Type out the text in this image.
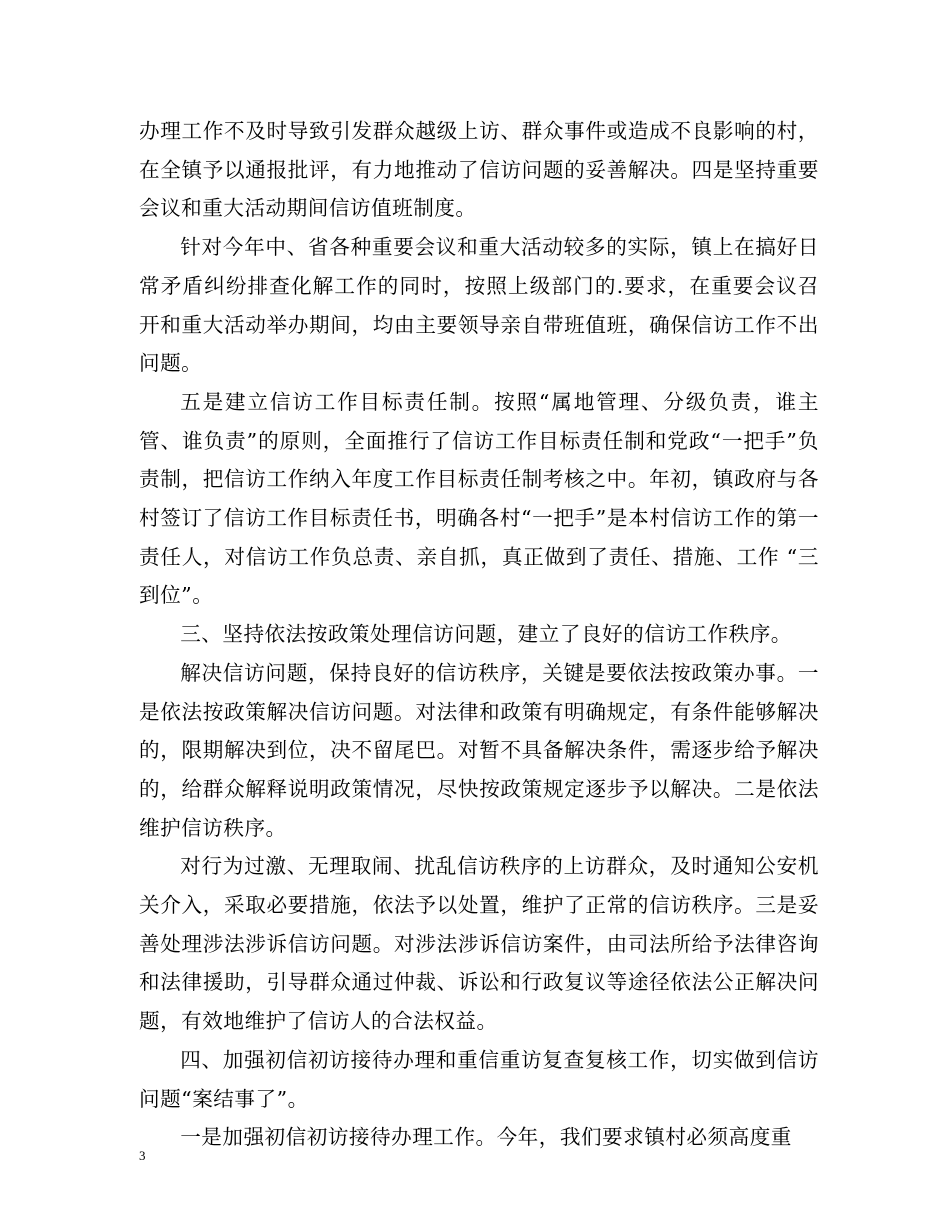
办理工作不及时导致引发群众越级上访、群众事件或造成不良影响的村，在全镇予以通报批评，有力地推动了信访问题的妥善解决。四是坚持重要会议和重大活动期间信访值班制度。

针对今年中、省各种重要会议和重大活动较多的实际，镇上在搞好日常矛盾纠纷排查化解工作的同时，按照上级部门的.要求，在重要会议召开和重大活动举办期间，均由主要领导亲自带班值班，确保信访工作不出问题。

五是建立信访工作目标责任制。按照“属地管理、分级负责，谁主管、谁负责”的原则，全面推行了信访工作目标责任制和党政“一把手”负责制，把信访工作纳入年度工作目标责任制考核之中。年初，镇政府与各村签订了信访工作目标责任书，明确各村“一把手”是本村信访工作的第一责任人，对信访工作负总责、亲自抓，真正做到了责任、措施、工作 “三到位”。

三、坚持依法按政策处理信访问题，建立了良好的信访工作秩序。

解决信访问题，保持良好的信访秩序，关键是要依法按政策办事。一是依法按政策解决信访问题。对法律和政策有明确规定，有条件能够解决的，限期解决到位，决不留尾巴。对暂不具备解决条件，需逐步给予解决的，给群众解释说明政策情况，尽快按政策规定逐步予以解决。二是依法维护信访秩序。

对行为过激、无理取闹、扰乱信访秩序的上访群众，及时通知公安机关介入，采取必要措施，依法予以处置，维护了正常的信访秩序。三是妥善处理涉法涉诉信访问题。对涉法涉诉信访案件，由司法所给予法律咨询和法律援助，引导群众通过仲裁、诉讼和行政复议等途径依法公正解决问题，有效地维护了信访人的合法权益。

四、加强初信初访接待办理和重信重访复查复核工作，切实做到信访问题“案结事了”。

一是加强初信初访接待办理工作。今年，我们要求镇村必须高度重

3
